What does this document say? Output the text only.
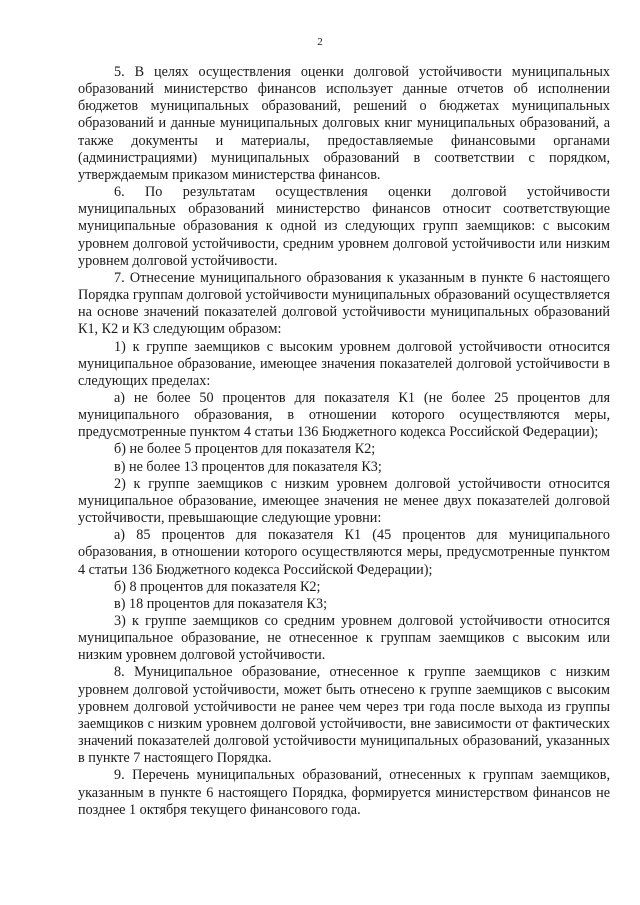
2

5. В целях осуществления оценки долговой устойчивости муниципальных образований министерство финансов использует данные отчетов об исполнении бюджетов муниципальных образований, решений о бюджетах муниципальных образований и данные муниципальных долговых книг муниципальных образований, а также документы и материалы, предоставляемые финансовыми органами (администрациями) муниципальных образований в соответствии с порядком, утверждаемым приказом министерства финансов.

6. По результатам осуществления оценки долговой устойчивости муниципальных образований министерство финансов относит соответствующие муниципальные образования к одной из следующих групп заемщиков: с высоким уровнем долговой устойчивости, средним уровнем долговой устойчивости или низким уровнем долговой устойчивости.

7. Отнесение муниципального образования к указанным в пункте 6 настоящего Порядка группам долговой устойчивости муниципальных образований осуществляется на основе значений показателей долговой устойчивости муниципальных образований К1, К2 и К3 следующим образом:

1) к группе заемщиков с высоким уровнем долговой устойчивости относится муниципальное образование, имеющее значения показателей долговой устойчивости в следующих пределах:

а) не более 50 процентов для показателя К1 (не более 25 процентов для муниципального образования, в отношении которого осуществляются меры, предусмотренные пунктом 4 статьи 136 Бюджетного кодекса Российской Федерации);

б) не более 5 процентов для показателя К2;

в) не более 13 процентов для показателя К3;

2) к группе заемщиков с низким уровнем долговой устойчивости относится муниципальное образование, имеющее значения не менее двух показателей долговой устойчивости, превышающие следующие уровни:

а) 85 процентов для показателя К1 (45 процентов для муниципального образования, в отношении которого осуществляются меры, предусмотренные пунктом 4 статьи 136 Бюджетного кодекса Российской Федерации);

б) 8 процентов для показателя К2;

в) 18 процентов для показателя К3;

3) к группе заемщиков со средним уровнем долговой устойчивости относится муниципальное образование, не отнесенное к группам заемщиков с высоким или низким уровнем долговой устойчивости.

8. Муниципальное образование, отнесенное к группе заемщиков с низким уровнем долговой устойчивости, может быть отнесено к группе заемщиков с высоким уровнем долговой устойчивости не ранее чем через три года после выхода из группы заемщиков с низким уровнем долговой устойчивости, вне зависимости от фактических значений показателей долговой устойчивости муниципальных образований, указанных в пункте 7 настоящего Порядка.

9. Перечень муниципальных образований, отнесенных к группам заемщиков, указанным в пункте 6 настоящего Порядка, формируется министерством финансов не позднее 1 октября текущего финансового года.
